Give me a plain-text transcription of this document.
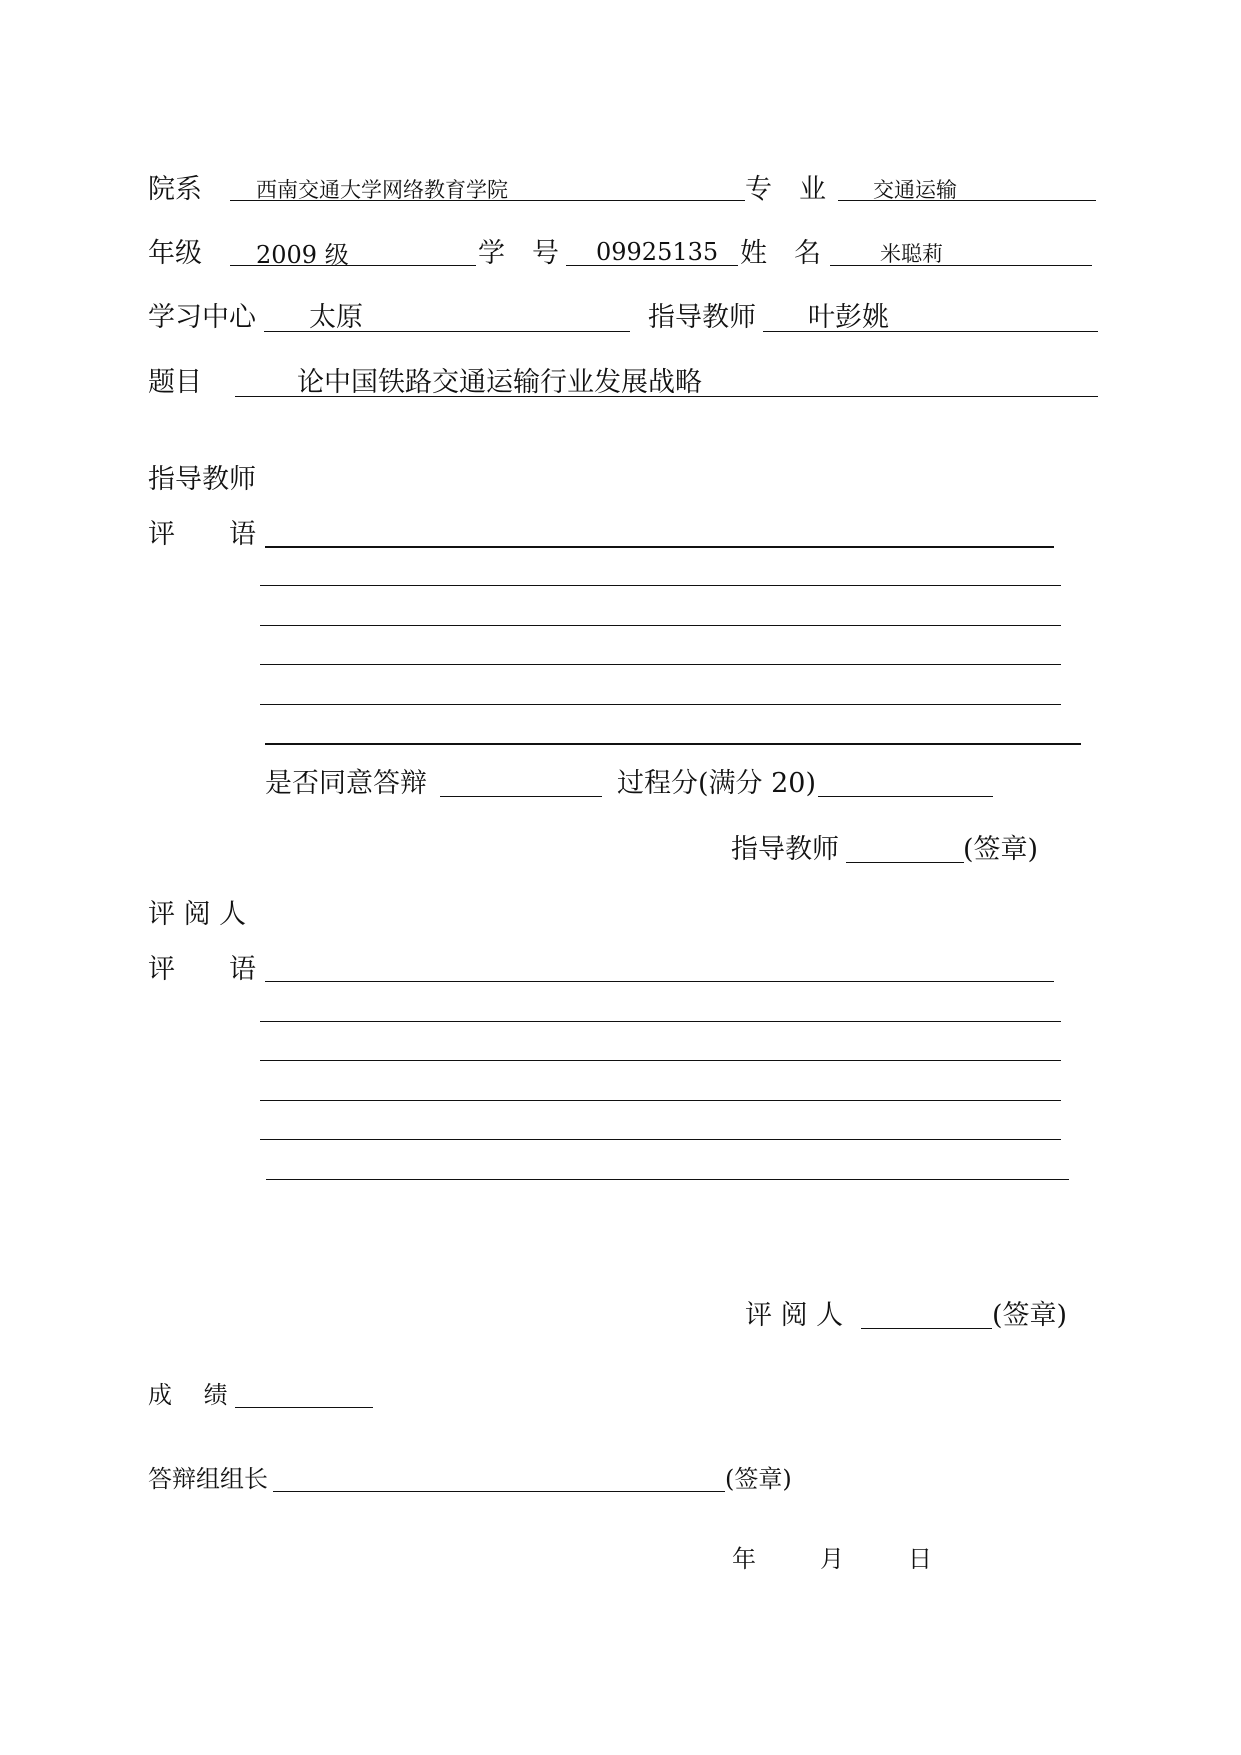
院系	西南交通大学网络教育学院	专　业 交通运输
年级 2009 级	学　号 09925135 姓　名	米聪莉
学习中心 太原	指导教师 叶彭姚
题目	论中国铁路交通运输行业发展战略
指导教师
评　　语
是否同意答辩	过程分(满分 20)
指导教师	(签章)
评 阅 人
评　　语
评 阅 人	(签章)
成　 绩
答辩组组长	(签章)
年	月	日
